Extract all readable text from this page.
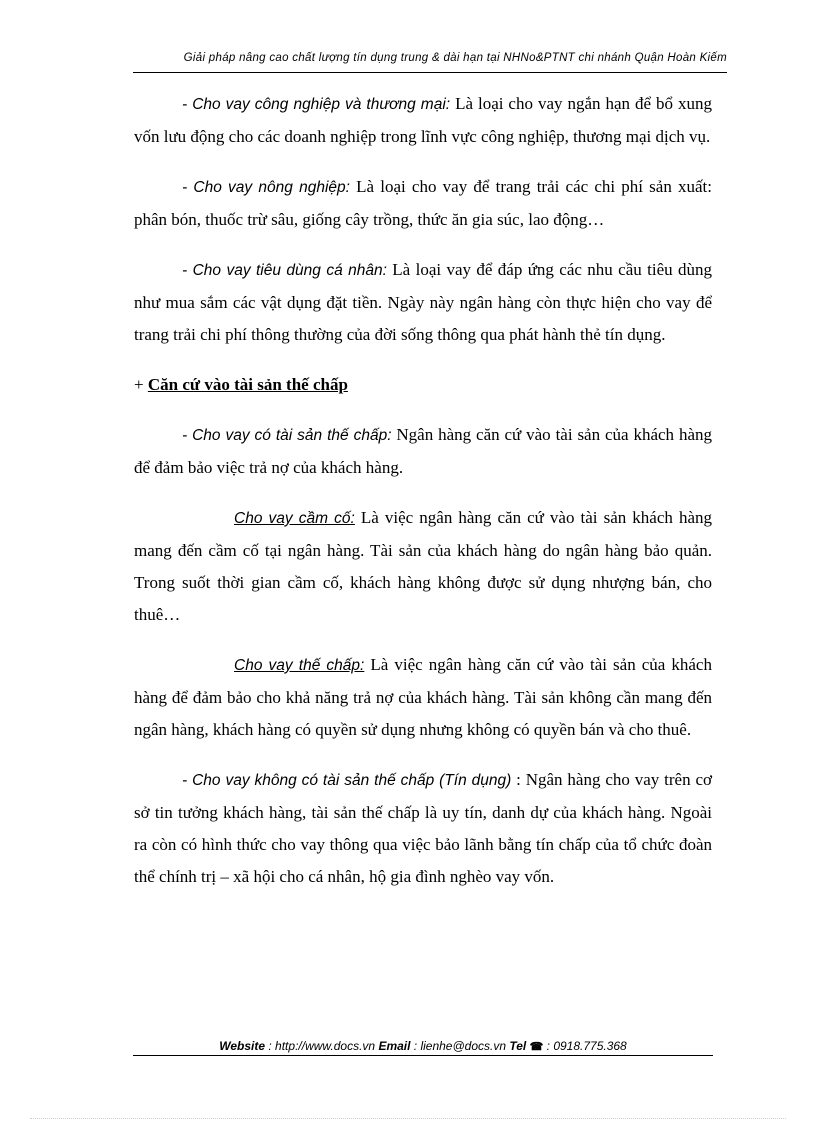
Giải pháp nâng cao chất lượng tín dụng trung & dài hạn tại NHNo&PTNT chi nhánh Quận Hoàn Kiếm

- Cho vay công nghiệp và thương mại: Là loại cho vay ngắn hạn để bổ xung vốn lưu động cho các doanh nghiệp trong lĩnh vực công nghiệp, thương mại dịch vụ.

- Cho vay nông nghiệp: Là loại cho vay để trang trải các chi phí sản xuất: phân bón, thuốc trừ sâu, giống cây trồng, thức ăn gia súc, lao động…

- Cho vay tiêu dùng cá nhân: Là loại vay để đáp ứng các nhu cầu tiêu dùng như mua sắm các vật dụng đặt tiền. Ngày này ngân hàng còn thực hiện cho vay để trang trải chi phí thông thường của đời sống thông qua phát hành thẻ tín dụng.

+ Căn cứ vào tài sản thế chấp

- Cho vay có tài sản thế chấp: Ngân hàng căn cứ vào tài sản của khách hàng để đảm bảo việc trả nợ của khách hàng.

Cho vay cầm cố: Là việc ngân hàng căn cứ vào tài sản khách hàng mang đến cầm cố tại ngân hàng. Tài sản của khách hàng do ngân hàng bảo quản. Trong suốt thời gian cầm cố, khách hàng không được sử dụng nhượng bán, cho thuê…

Cho vay thế chấp: Là việc ngân hàng căn cứ vào tài sản của khách hàng để đảm bảo cho khả năng trả nợ của khách hàng. Tài sản không cần mang đến ngân hàng, khách hàng có quyền sử dụng nhưng không có quyền bán và cho thuê.

- Cho vay không có tài sản thế chấp (Tín dụng) : Ngân hàng cho vay trên cơ sở tin tưởng khách hàng, tài sản thế chấp là uy tín, danh dự của khách hàng. Ngoài ra còn có hình thức cho vay thông qua việc bảo lãnh bằng tín chấp của tổ chức đoàn thể chính trị – xã hội cho cá nhân, hộ gia đình nghèo vay vốn.

Website : http://www.docs.vn Email : lienhe@docs.vn Tel ☎ : 0918.775.368
